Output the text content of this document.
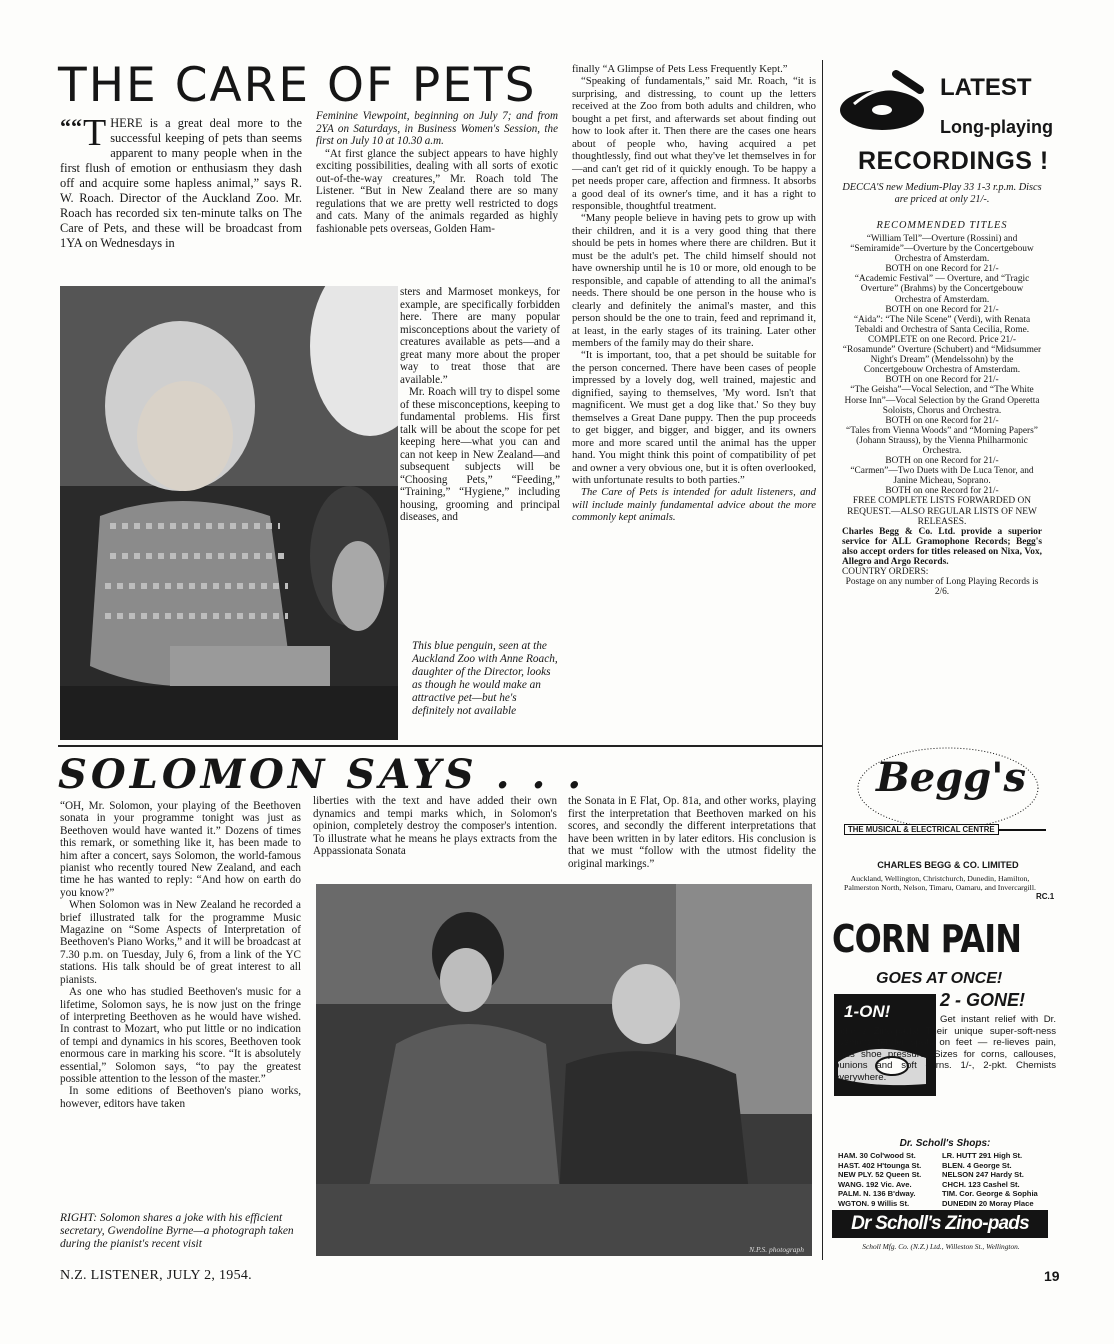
THE CARE OF PETS
““ T HERE is a great deal more to the successful keeping of pets than seems apparent to many people when in the first flush of emotion or enthusiasm they dash off and acquire some hapless animal,” says R. W. Roach. Director of the Auckland Zoo. Mr. Roach has recorded six ten-minute talks on The Care of Pets, and these will be broadcast from 1YA on Wednesdays in

Feminine Viewpoint, beginning on July 7; and from 2YA on Saturdays, in Business Women's Session, the first on July 10 at 10.30 a.m.

“At first glance the subject appears to have highly exciting possibilities, dealing with all sorts of exotic out-of-the-way creatures,” Mr. Roach told The Listener. “But in New Zealand there are so many regulations that we are pretty well restricted to dogs and cats. Many of the animals regarded as highly fashionable pets overseas, Golden Ham-

sters and Marmoset monkeys, for example, are specifically forbidden here. There are many popular misconceptions about the variety of creatures available as pets—and a great many more about the proper way to treat those that are available.”

Mr. Roach will try to dispel some of these misconceptions, keeping to fundamental problems. His first talk will be about the scope for pet keeping here—what you can and can not keep in New Zealand—and subsequent subjects will be “Choosing Pets,” “Feeding,” “Training,” “Hygiene,” including housing, grooming and principal diseases, and

This blue penguin, seen at the Auckland Zoo with Anne Roach, daughter of the Director, looks as though he would make an attractive pet—but he's definitely not available

finally “A Glimpse of Pets Less Frequently Kept.”

“Speaking of fundamentals,” said Mr. Roach, “it is surprising, and distressing, to count up the letters received at the Zoo from both adults and children, who bought a pet first, and afterwards set about finding out how to look after it. Then there are the cases one hears about of people who, having acquired a pet thoughtlessly, find out what they've let themselves in for—and can't get rid of it quickly enough. To be happy a pet needs proper care, affection and firmness. It absorbs a good deal of its owner's time, and it has a right to responsible, thoughtful treatment.

“Many people believe in having pets to grow up with their children, and it is a very good thing that there should be pets in homes where there are children. But it must be the adult's pet. The child himself should not have ownership until he is 10 or more, old enough to be responsible, and capable of attending to all the animal's needs. There should be one person in the house who is clearly and definitely the animal's master, and this person should be the one to train, feed and reprimand it, at least, in the early stages of its training. Later other members of the family may do their share.

“It is important, too, that a pet should be suitable for the person concerned. There have been cases of people impressed by a lovely dog, well trained, majestic and dignified, saying to themselves, 'My word. Isn't that magnificent. We must get a dog like that.' So they buy themselves a Great Dane puppy. Then the pup proceeds to get bigger, and bigger, and bigger, and its owners more and more scared until the animal has the upper hand. You might think this point of compatibility of pet and owner a very obvious one, but it is often overlooked, with unfortunate results to both parties.”

The Care of Pets is intended for adult listeners, and will include mainly fundamental advice about the more commonly kept animals.

SOLOMON SAYS . . .

“OH, Mr. Solomon, your playing of the Beethoven sonata in your programme tonight was just as Beethoven would have wanted it.” Dozens of times this remark, or something like it, has been made to him after a concert, says Solomon, the world-famous pianist who recently toured New Zealand, and each time he has wanted to reply: “And how on earth do you know?”

When Solomon was in New Zealand he recorded a brief illustrated talk for the programme Music Magazine on “Some Aspects of Interpretation of Beethoven's Piano Works,” and it will be broadcast at 7.30 p.m. on Tuesday, July 6, from a link of the YC stations. His talk should be of great interest to all pianists.

As one who has studied Beethoven's music for a lifetime, Solomon says, he is now just on the fringe of interpreting Beethoven as he would have wished. In contrast to Mozart, who put little or no indication of tempi and dynamics in his scores, Beethoven took enormous care in marking his score. “It is absolutely essential,” Solomon says, “to pay the greatest possible attention to the lesson of the master.”

In some editions of Beethoven's piano works, however, editors have taken

RIGHT: Solomon shares a joke with his efficient secretary, Gwendoline Byrne—a photograph taken during the pianist's recent visit
liberties with the text and have added their own dynamics and tempi marks which, in Solomon's opinion, completely destroy the composer's intention. To illustrate what he means he plays extracts from the Appassionata Sonata
the Sonata in E Flat, Op. 81a, and other works, playing first the interpretation that Beethoven marked on his scores, and secondly the different interpretations that have been written in by later editors. His conclusion is that we must “follow with the utmost fidelity the original markings.”
N.P.S. photograph
LATEST
Long-playing
RECORDINGS !
DECCA'S new Medium-Play 33 1-3 r.p.m. Discs are priced at only 21/-.
RECOMMENDED TITLES
“William Tell”—Overture (Rossini) and “Semiramide”—Overture by the Concertgebouw Orchestra of Amsterdam.
BOTH on one Record for 21/-
“Academic Festival” — Overture, and “Tragic Overture” (Brahms) by the Concertgebouw Orchestra of Amsterdam.
BOTH on one Record for 21/-
“Aida”: “The Nile Scene” (Verdi), with Renata Tebaldi and Orchestra of Santa Cecilia, Rome.
COMPLETE on one Record. Price 21/-
“Rosamunde” Overture (Schubert) and “Midsummer Night's Dream” (Mendelssohn) by the Concertgebouw Orchestra of Amsterdam.
BOTH on one Record for 21/-
“The Geisha”—Vocal Selection, and “The White Horse Inn”—Vocal Selection by the Grand Operetta Soloists, Chorus and Orchestra.
BOTH on one Record for 21/-
“Tales from Vienna Woods” and “Morning Papers” (Johann Strauss), by the Vienna Philharmonic Orchestra.
BOTH on one Record for 21/-
“Carmen”—Two Duets with De Luca Tenor, and Janine Micheau, Soprano.
BOTH on one Record for 21/-
FREE COMPLETE LISTS FORWARDED ON REQUEST.—ALSO REGULAR LISTS OF NEW RELEASES.
Charles Begg & Co. Ltd. provide a superior service for ALL Gramophone Records; Begg's also accept orders for titles released on Nixa, Vox, Allegro and Argo Records.
COUNTRY ORDERS:
Postage on any number of Long Playing Records is 2/6.
Begg's
THE MUSICAL & ELECTRICAL CENTRE
CHARLES BEGG & CO. LIMITED
Auckland, Wellington, Christchurch, Dunedin, Hamilton, Palmerston North, Nelson, Timaru, Oamaru, and Invercargill.
RC.1
CORN PAIN
GOES AT ONCE!
1-ON!
2 - GONE!
Get instant relief with Dr. Scholl's Zino-pads! Their unique super-soft-ness cushions tender spots on feet — re-lieves pain, ends shoe pressure. Sizes for corns, callouses, bunions and soft corns. 1/-, 2-pkt. Chemists everywhere.
Dr. Scholl's Shops:
HAM. 30 Col'wood St.	LR. HUTT 291 High St.
HAST. 402 H'tounga St.	BLEN. 4 George St.
NEW PLY. 52 Queen St.	NELSON 247 Hardy St.
WANG. 192 Vic. Ave.	CHCH. 123 Cashel St.
PALM. N. 136 B'dway.	TIM. Cor. George & Sophia
WGTON. 9 Willis St.	DUNEDIN 20 Moray Place
Dr Scholl's Zino-pads
Scholl Mfg. Co. (N.Z.) Ltd., Willeston St., Wellington.
N.Z. LISTENER, JULY 2, 1954.	19
